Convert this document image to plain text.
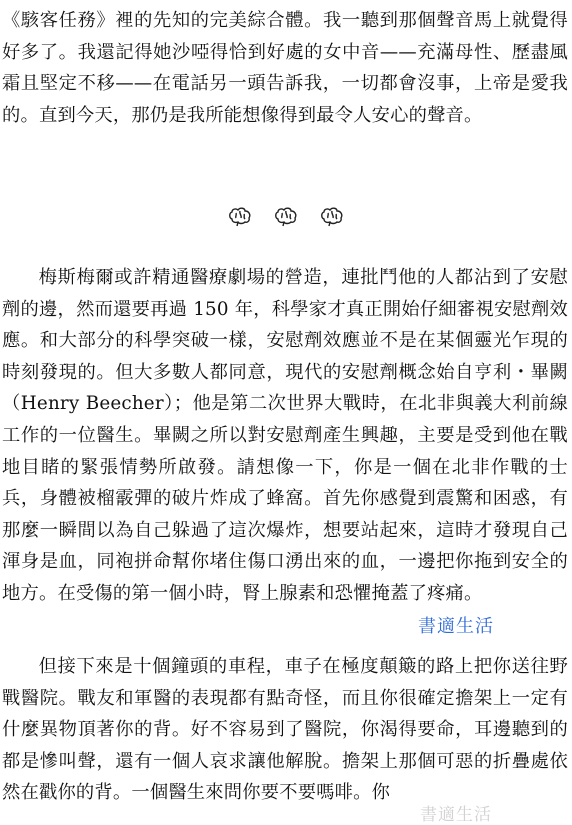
《駭客任務》裡的先知的完美綜合體。我一聽到那個聲音馬上就覺得好多了。我還記得她沙啞得恰到好處的女中音——充滿母性、歷盡風霜且堅定不移——在電話另一頭告訴我，一切都會沒事，上帝是愛我的。直到今天，那仍是我所能想像得到最令人安心的聲音。

梅斯梅爾或許精通醫療劇場的營造，連批鬥他的人都沾到了安慰劑的邊，然而還要再過 150 年，科學家才真正開始仔細審視安慰劑效應。和大部分的科學突破一樣，安慰劑效應並不是在某個靈光乍現的時刻發現的。但大多數人都同意，現代的安慰劑概念始自亨利・畢闕（Henry Beecher）；他是第二次世界大戰時，在北非與義大利前線工作的一位醫生。畢闕之所以對安慰劑產生興趣，主要是受到他在戰地目睹的緊張情勢所啟發。請想像一下，你是一個在北非作戰的士兵，身體被榴霰彈的破片炸成了蜂窩。首先你感覺到震驚和困惑，有那麼一瞬間以為自己躲過了這次爆炸，想要站起來，這時才發現自己渾身是血，同袍拼命幫你堵住傷口湧出來的血，一邊把你拖到安全的地方。在受傷的第一個小時，腎上腺素和恐懼掩蓋了疼痛。

但接下來是十個鐘頭的車程，車子在極度顛簸的路上把你送往野戰醫院。戰友和軍醫的表現都有點奇怪，而且你很確定擔架上一定有什麼異物頂著你的背。好不容易到了醫院，你渴得要命，耳邊聽到的都是慘叫聲，還有一個人哀求讓他解脫。擔架上那個可惡的折疊處依然在戳你的背。一個醫生來問你要不要嗎啡。你

書適生活
書適生活
